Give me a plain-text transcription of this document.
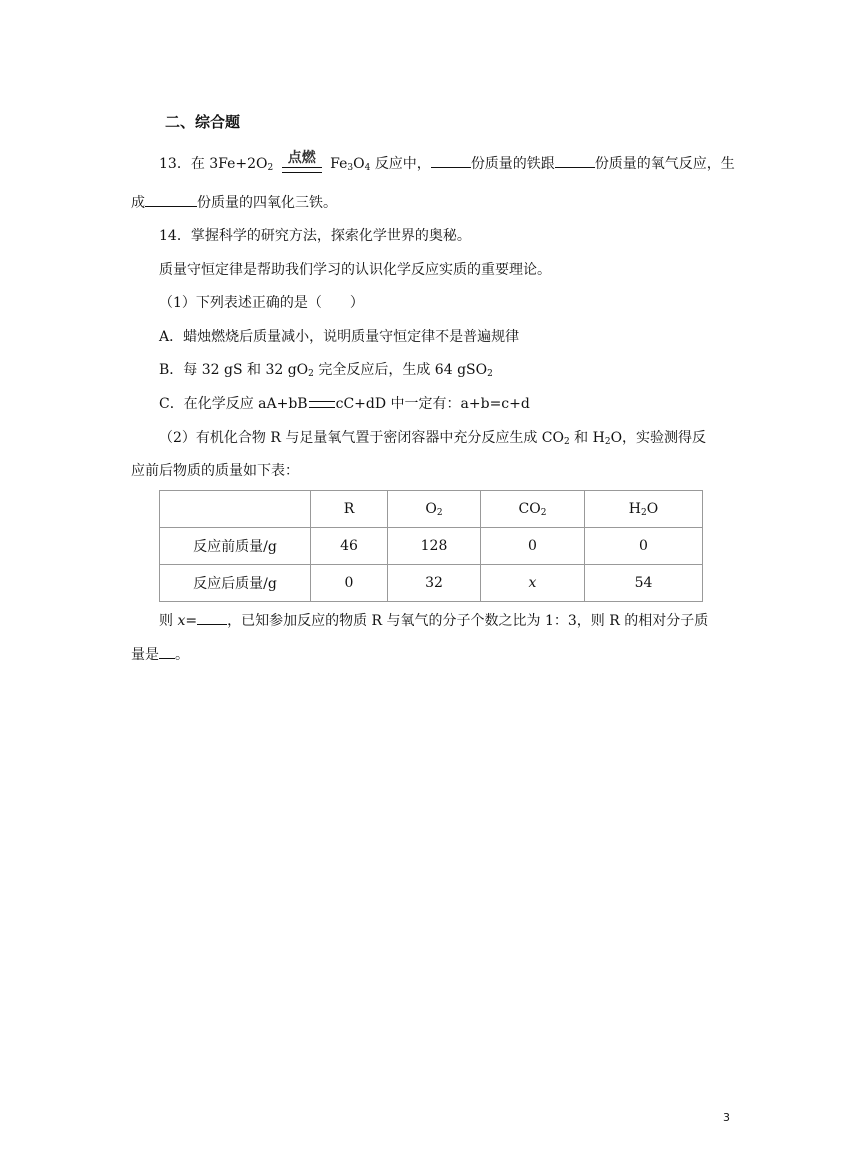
二、综合题
13．在 $3Fe+2O_2$ 点燃 $Fe_3O_4$ 反应中，	份质量的铁跟	份质量的氧气反应，生
成	份质量的四氧化三铁。
14．掌握科学的研究方法，探索化学世界的奥秘。
质量守恒定律是帮助我们学习的认识化学反应实质的重要理论。
（1）下列表述正确的是（　　）
A．蜡烛燃烧后质量减小，说明质量守恒定律不是普遍规律
B．每 32 gS 和 32 $gO_2$ 完全反应后，生成 64 gSO$_2$
C．在化学反应 aA+bB cC+dD 中一定有：a+b=c+d
（2）有机化合物 R 与足量氧气置于密闭容器中充分反应生成 $CO_2$ 和 $H_2O$，实验测得反
应前后物质的质量如下表：
	R	$O_2$	$CO_2$	$H_2O$
反应前质量/g	46	128	0	0
反应后质量/g	0	32	x	54
则 x= ，已知参加反应的物质 R 与氧气的分子个数之比为 1：3，则 R 的相对分子质
量是 。
3
